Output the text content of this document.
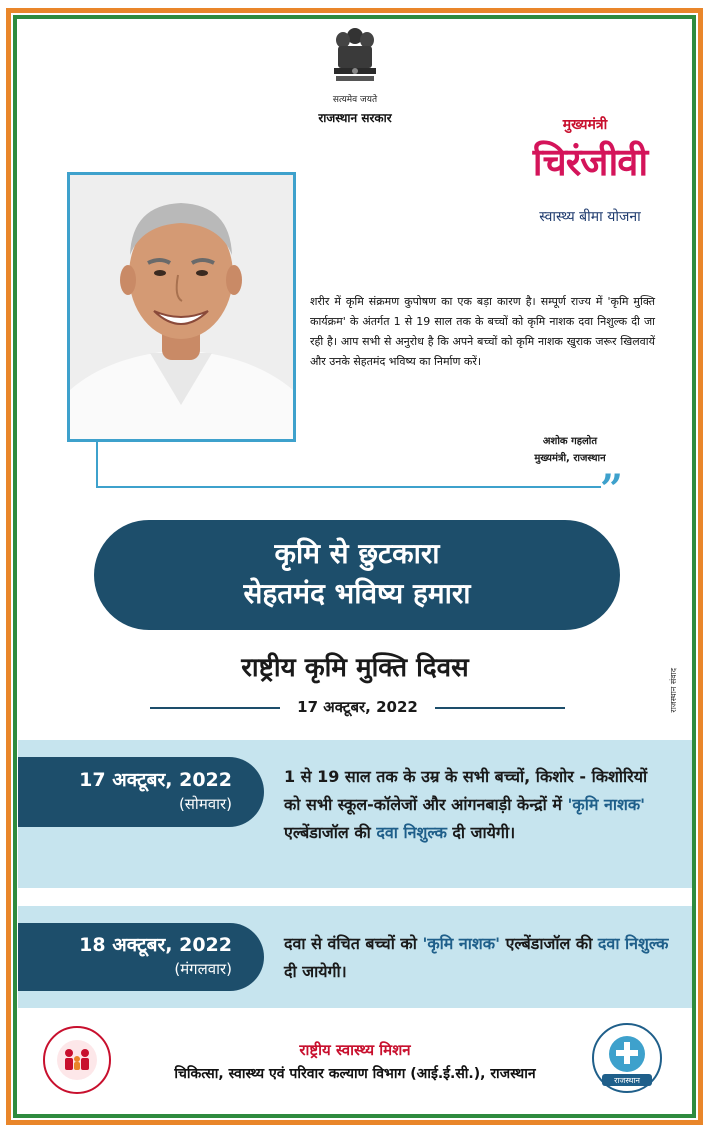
सत्यमेव जयते
राजस्थान सरकार	मुख्यमंत्री
चिरंजीवी
स्वास्थ्य बीमा योजना
”
शरीर में कृमि संक्रमण कुपोषण का एक बड़ा कारण है। सम्पूर्ण राज्य में 'कृमि मुक्ति कार्यक्रम' के अंतर्गत 1 से 19 साल तक के बच्चों को कृमि नाशक दवा निशुल्क दी जा रही है। आप सभी से अनुरोध है कि अपने बच्चों को कृमि नाशक खुराक जरूर खिलवायें और उनके सेहतमंद भविष्य का निर्माण करें।
अशोक गहलोत
मुख्यमंत्री, राजस्थान
कृमि से छुटकारा
सेहतमंद भविष्य हमारा
राष्ट्रीय कृमि मुक्ति दिवस
17 अक्टूबर, 2022	राजस्थान संवाद
17 अक्टूबर, 2022
(सोमवार)
1 से 19 साल तक के उम्र के सभी बच्चों, किशोर - किशोरियों को सभी स्कूल-कॉलेजों और आंगनबाड़ी केन्द्रों में 'कृमि नाशक' एल्बेंडाजॉल की दवा निशुल्क दी जायेगी।
18 अक्टूबर, 2022
(मंगलवार)
दवा से वंचित बच्चों को 'कृमि नाशक' एल्बेंडाजॉल की दवा निशुल्क दी जायेगी।
राजस्थान
राष्ट्रीय स्वास्थ्य मिशन
चिकित्सा, स्वास्थ्य एवं परिवार कल्याण विभाग (आई.ई.सी.), राजस्थान
